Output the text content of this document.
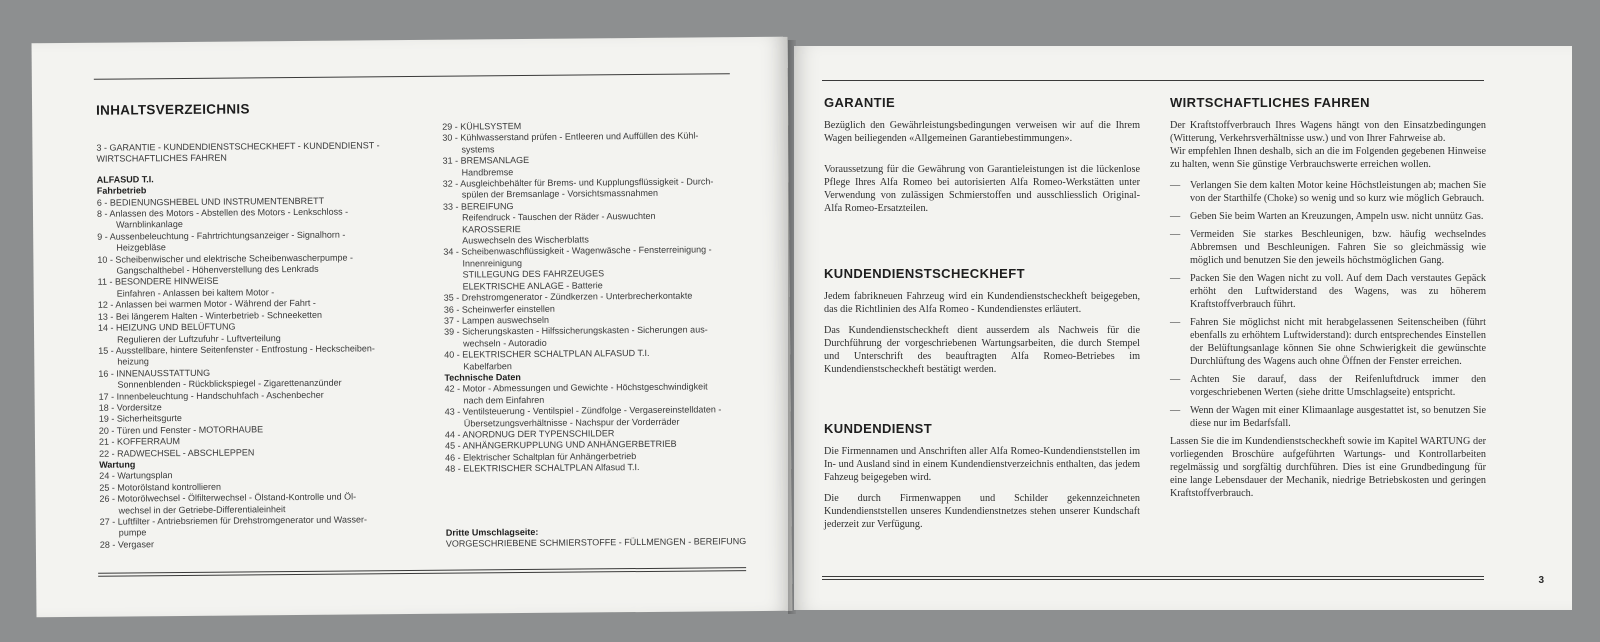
INHALTSVERZEICHNIS
3 - GARANTIE - KUNDENDIENSTSCHECKHEFT - KUNDENDIENST -
WIRTSCHAFTLICHES FAHREN
ALFASUD T.I.
Fahrbetrieb
6 - BEDIENUNGSHEBEL UND INSTRUMENTENBRETT
8 - Anlassen des Motors - Abstellen des Motors - Lenkschloss -
Warnblinkanlage
9 - Aussenbeleuchtung - Fahrtrichtungsanzeiger - Signalhorn -
Heizgebläse
10 - Scheibenwischer und elektrische Scheibenwascherpumpe -
Gangschalthebel - Höhenverstellung des Lenkrads
11 - BESONDERE HINWEISE
Einfahren - Anlassen bei kaltem Motor -
12 - Anlassen bei warmen Motor - Während der Fahrt -
13 - Bei längerem Halten - Winterbetrieb - Schneeketten
14 - HEIZUNG UND BELÜFTUNG
Regulieren der Luftzufuhr - Luftverteilung
15 - Ausstellbare, hintere Seitenfenster - Entfrostung - Heckscheiben-
heizung
16 - INNENAUSSTATTUNG
Sonnenblenden - Rückblickspiegel - Zigarettenanzünder
17 - Innenbeleuchtung - Handschuhfach - Aschenbecher
18 - Vordersitze
19 - Sicherheitsgurte
20 - Türen und Fenster - MOTORHAUBE
21 - KOFFERRAUM
22 - RADWECHSEL - ABSCHLEPPEN
Wartung
24 - Wartungsplan
25 - Motorölstand kontrollieren
26 - Motorölwechsel - Ölfilterwechsel - Ölstand-Kontrolle und Öl-
wechsel in der Getriebe-Differentialeinheit
27 - Luftfilter - Antriebsriemen für Drehstromgenerator und Wasser-
pumpe
28 - Vergaser
29 - KÜHLSYSTEM
30 - Kühlwasserstand prüfen - Entleeren und Auffüllen des Kühl-
systems
31 - BREMSANLAGE
Handbremse
32 - Ausgleichbehälter für Brems- und Kupplungsflüssigkeit - Durch-
spülen der Bremsanlage - Vorsichtsmassnahmen
33 - BEREIFUNG
Reifendruck - Tauschen der Räder - Auswuchten
KAROSSERIE
Auswechseln des Wischerblatts
34 - Scheibenwaschflüssigkeit - Wagenwäsche - Fensterreinigung -
Innenreinigung
STILLEGUNG DES FAHRZEUGES
ELEKTRISCHE ANLAGE - Batterie
35 - Drehstromgenerator - Zündkerzen - Unterbrecherkontakte
36 - Scheinwerfer einstellen
37 - Lampen auswechseln
39 - Sicherungskasten - Hilfssicherungskasten - Sicherungen aus-
wechseln - Autoradio
40 - ELEKTRISCHER SCHALTPLAN ALFASUD T.I.
Kabelfarben
Technische Daten
42 - Motor - Abmessungen und Gewichte - Höchstgeschwindigkeit
nach dem Einfahren
43 - Ventilsteuerung - Ventilspiel - Zündfolge - Vergasereinstelldaten -
Übersetzungsverhältnisse - Nachspur der Vorderräder
44 - ANORDNUG DER TYPENSCHILDER
45 - ANHÄNGERKUPPLUNG UND ANHÄNGERBETRIEB
46 - Elektrischer Schaltplan für Anhängerbetrieb
48 - ELEKTRISCHER SCHALTPLAN Alfasud T.I.
Dritte Umschlagseite:
VORGESCHRIEBENE SCHMIERSTOFFE - FÜLLMENGEN - BEREIFUNG
GARANTIE

Bezüglich den Gewährleistungsbedingungen verweisen wir auf die Ihrem Wagen beiliegenden «Allgemeinen Garantiebestimmungen».

Voraussetzung für die Gewährung von Garantieleistungen ist die lückenlose Pflege Ihres Alfa Romeo bei autorisierten Alfa Romeo-Werkstätten unter Verwendung von zulässigen Schmierstoffen und ausschliesslich Original-Alfa Romeo-Ersatzteilen.

KUNDENDIENSTSCHECKHEFT

Jedem fabrikneuen Fahrzeug wird ein Kundendienstscheckheft beigegeben, das die Richtlinien des Alfa Romeo - Kundendienstes erläutert.

Das Kundendienstscheckheft dient ausserdem als Nachweis für die Durchführung der vorgeschriebenen Wartungsarbeiten, die durch Stempel und Unterschrift des beauftragten Alfa Romeo-Betriebes im Kundendienstscheckheft bestätigt werden.

KUNDENDIENST

Die Firmennamen und Anschriften aller Alfa Romeo-Kundendienststellen im In- und Ausland sind in einem Kundendienstverzeichnis enthalten, das jedem Fahzeug beigegeben wird.

Die durch Firmenwappen und Schilder gekennzeichneten Kundendienststellen unseres Kundendienstnetzes stehen unserer Kundschaft jederzeit zur Verfügung.

WIRTSCHAFTLICHES FAHREN

Der Kraftstoffverbrauch Ihres Wagens hängt von den Einsatzbedingungen (Witterung, Verkehrsverhältnisse usw.) und von Ihrer Fahrweise ab.
Wir empfehlen Ihnen deshalb, sich an die im Folgenden gegebenen Hinweise zu halten, wenn Sie günstige Verbrauchswerte erreichen wollen.

— Verlangen Sie dem kalten Motor keine Höchstleistungen ab; machen Sie von der Starthilfe (Choke) so wenig und so kurz wie möglich Gebrauch.
— Geben Sie beim Warten an Kreuzungen, Ampeln usw. nicht unnütz Gas.
— Vermeiden Sie starkes Beschleunigen, bzw. häufig wechselndes Abbremsen und Beschleunigen. Fahren Sie so gleichmässig wie möglich und benutzen Sie den jeweils höchstmöglichen Gang.
— Packen Sie den Wagen nicht zu voll. Auf dem Dach verstautes Gepäck erhöht den Luftwiderstand des Wagens, was zu höherem Kraftstoffverbrauch führt.
— Fahren Sie möglichst nicht mit herabgelassenen Seitenscheiben (führt ebenfalls zu erhöhtem Luftwiderstand): durch entsprechendes Einstellen der Belüftungsanlage können Sie ohne Schwierigkeit die gewünschte Durchlüftung des Wagens auch ohne Öffnen der Fenster erreichen.
— Achten Sie darauf, dass der Reifenluftdruck immer den vorgeschriebenen Werten (siehe dritte Umschlagseite) entspricht.
— Wenn der Wagen mit einer Klimaanlage ausgestattet ist, so benutzen Sie diese nur im Bedarfsfall.

Lassen Sie die im Kundendienstscheckheft sowie im Kapitel WARTUNG der vorliegenden Broschüre aufgeführten Wartungs- und Kontrollarbeiten regelmässig und sorgfältig durchführen. Dies ist eine Grundbedingung für eine lange Lebensdauer der Mechanik, niedrige Betriebskosten und geringen Kraftstoffverbrauch.

3
